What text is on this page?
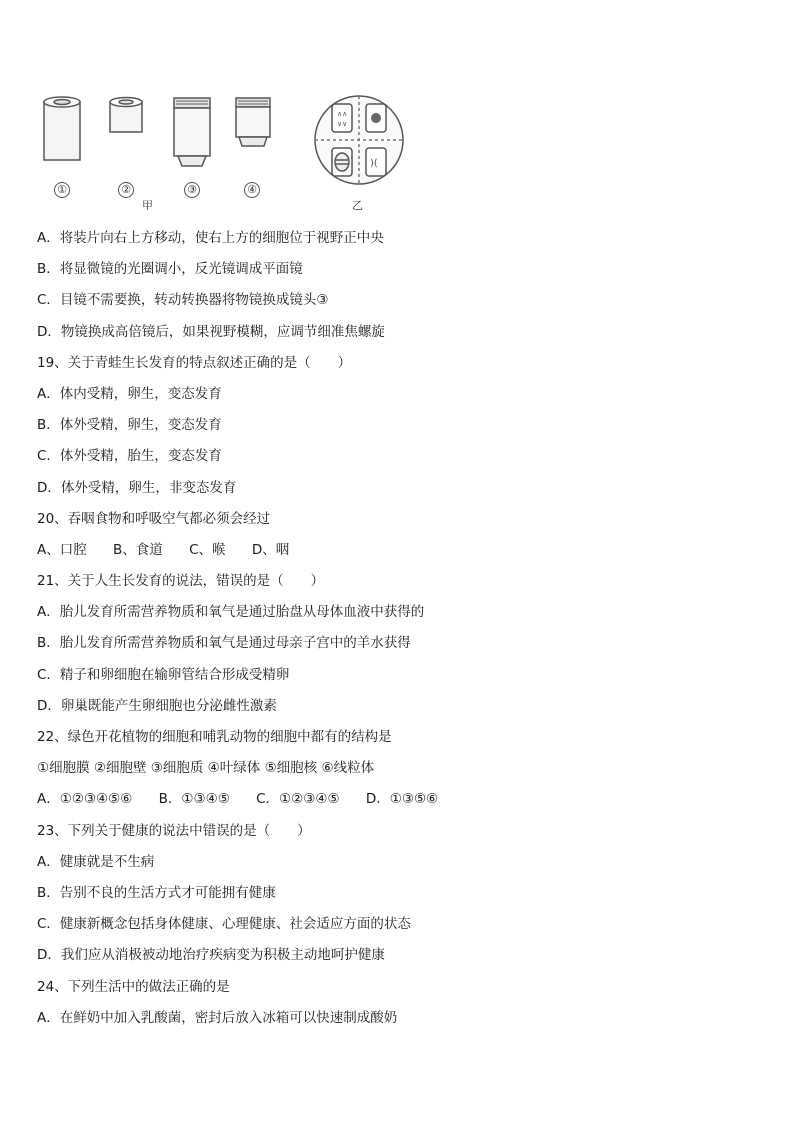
∧∧
∨∨
)(
①	②	③	④
甲	乙
A．将装片向右上方移动，使右上方的细胞位于视野正中央
B．将显微镜的光圈调小，反光镜调成平面镜
C．目镜不需要换，转动转换器将物镜换成镜头③
D．物镜换成高倍镜后，如果视野模糊，应调节细准焦螺旋
19、关于青蛙生长发育的特点叙述正确的是（　　）
A．体内受精，卵生，变态发育
B．体外受精，卵生，变态发育
C．体外受精，胎生，变态发育
D．体外受精，卵生，非变态发育
20、吞咽食物和呼吸空气都必须会经过
A、口腔 B、食道 C、喉 D、咽
21、关于人生长发育的说法，错误的是（　　）
A．胎儿发育所需营养物质和氧气是通过胎盘从母体血液中获得的
B．胎儿发育所需营养物质和氧气是通过母亲子宫中的羊水获得
C．精子和卵细胞在输卵管结合形成受精卵
D．卵巢既能产生卵细胞也分泌雌性激素
22、绿色开花植物的细胞和哺乳动物的细胞中都有的结构是
①细胞膜 ②细胞壁 ③细胞质 ④叶绿体 ⑤细胞核 ⑥线粒体
A．①②③④⑤⑥ B．①③④⑤ C．①②③④⑤ D．①③⑤⑥
23、下列关于健康的说法中错误的是（　　）
A．健康就是不生病
B．告别不良的生活方式才可能拥有健康
C．健康新概念包括身体健康、心理健康、社会适应方面的状态
D．我们应从消极被动地治疗疾病变为积极主动地呵护健康
24、下列生活中的做法正确的是
A．在鲜奶中加入乳酸菌，密封后放入冰箱可以快速制成酸奶
